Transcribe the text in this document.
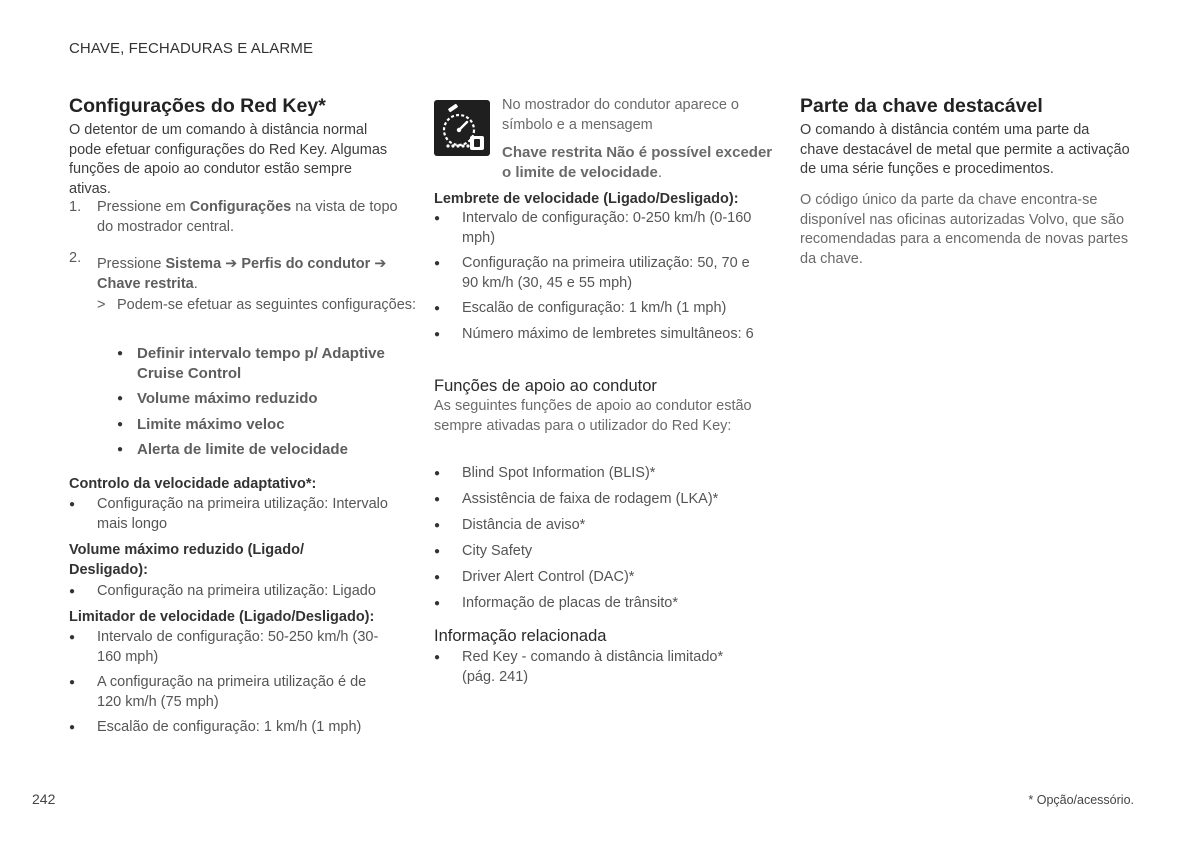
CHAVE, FECHADURAS E ALARME
Configurações do Red Key*

O detentor de um comando à distância normal pode efetuar configurações do Red Key. Algumas funções de apoio ao condutor estão sempre ativas.

1. Pressione em Configurações na vista de topo do mostrador central.
2. Pressione Sistema ➔ Perfis do condutor ➔ Chave restrita.
> Podem-se efetuar as seguintes configurações:
● Definir intervalo tempo p/ Adaptive Cruise Control
● Volume máximo reduzido
● Limite máximo veloc
● Alerta de limite de velocidade
Controlo da velocidade adaptativo*:
● Configuração na primeira utilização: Intervalo mais longo
Volume máximo reduzido (Ligado/ Desligado):
● Configuração na primeira utilização: Ligado
Limitador de velocidade (Ligado/Desligado):
● Intervalo de configuração: 50-250 km/h (30-160 mph)
● A configuração na primeira utilização é de 120 km/h (75 mph)
● Escalão de configuração: 1 km/h (1 mph)

No mostrador do condutor aparece o símbolo e a mensagem

Chave restrita Não é possível exceder o limite de velocidade.

Lembrete de velocidade (Ligado/Desligado):
● Intervalo de configuração: 0-250 km/h (0-160 mph)
● Configuração na primeira utilização: 50, 70 e 90 km/h (30, 45 e 55 mph)
● Escalão de configuração: 1 km/h (1 mph)
● Número máximo de lembretes simultâneos: 6
Funções de apoio ao condutor

As seguintes funções de apoio ao condutor estão sempre ativadas para o utilizador do Red Key:

● Blind Spot Information (BLIS)*
● Assistência de faixa de rodagem (LKA)*
● Distância de aviso*
● City Safety
● Driver Alert Control (DAC)*
● Informação de placas de trânsito*
Informação relacionada
● Red Key - comando à distância limitado* (pág. 241)
Parte da chave destacável

O comando à distância contém uma parte da chave destacável de metal que permite a activação de uma série funções e procedimentos.

O código único da parte da chave encontra-se disponível nas oficinas autorizadas Volvo, que são recomendadas para a encomenda de novas partes da chave.

242	* Opção/acessório.
